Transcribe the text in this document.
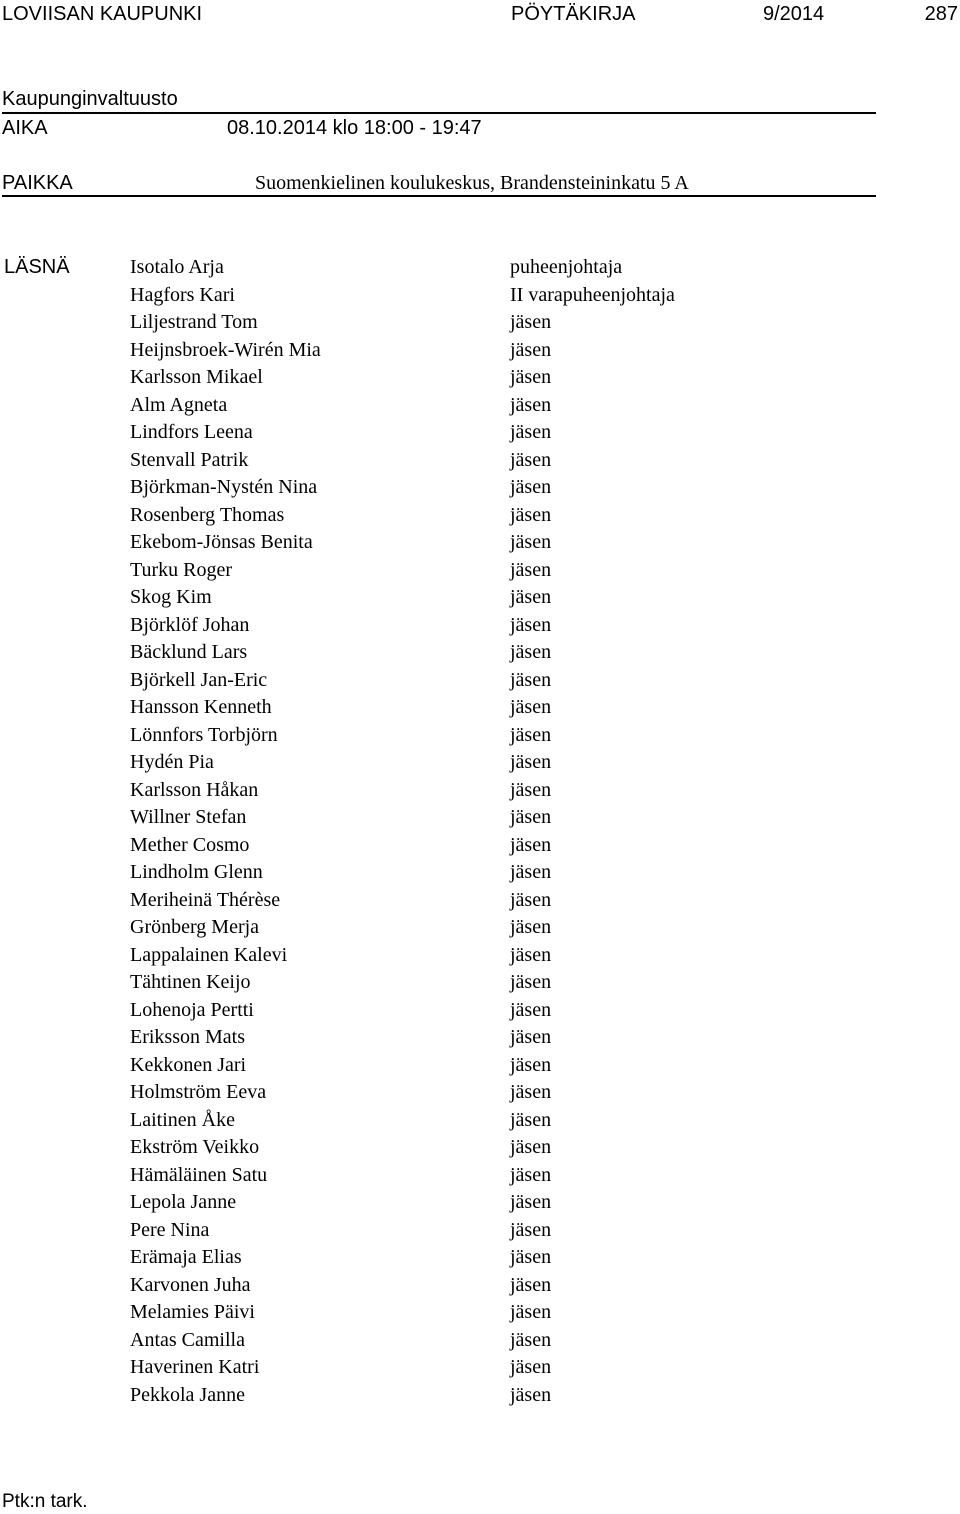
LOVIISAN KAUPUNKI	PÖYTÄKIRJA	9/2014	287
Kaupunginvaltuusto
AIKA	08.10.2014 klo 18:00 - 19:47
PAIKKA	Suomenkielinen koulukeskus, Brandensteininkatu 5 A
LÄSNÄ	Isotalo Arja	puheenjohtaja
Hagfors Kari	II varapuheenjohtaja
Liljestrand Tom	jäsen
Heijnsbroek-Wirén Mia	jäsen
Karlsson Mikael	jäsen
Alm Agneta	jäsen
Lindfors Leena	jäsen
Stenvall Patrik	jäsen
Björkman-Nystén Nina	jäsen
Rosenberg Thomas	jäsen
Ekebom-Jönsas Benita	jäsen
Turku Roger	jäsen
Skog Kim	jäsen
Björklöf Johan	jäsen
Bäcklund Lars	jäsen
Björkell Jan-Eric	jäsen
Hansson Kenneth	jäsen
Lönnfors Torbjörn	jäsen
Hydén Pia	jäsen
Karlsson Håkan	jäsen
Willner Stefan	jäsen
Mether Cosmo	jäsen
Lindholm Glenn	jäsen
Meriheinä Thérèse	jäsen
Grönberg Merja	jäsen
Lappalainen Kalevi	jäsen
Tähtinen Keijo	jäsen
Lohenoja Pertti	jäsen
Eriksson Mats	jäsen
Kekkonen Jari	jäsen
Holmström Eeva	jäsen
Laitinen Åke	jäsen
Ekström Veikko	jäsen
Hämäläinen Satu	jäsen
Lepola Janne	jäsen
Pere Nina	jäsen
Erämaja Elias	jäsen
Karvonen Juha	jäsen
Melamies Päivi	jäsen
Antas Camilla	jäsen
Haverinen Katri	jäsen
Pekkola Janne	jäsen
Ptk:n tark.
